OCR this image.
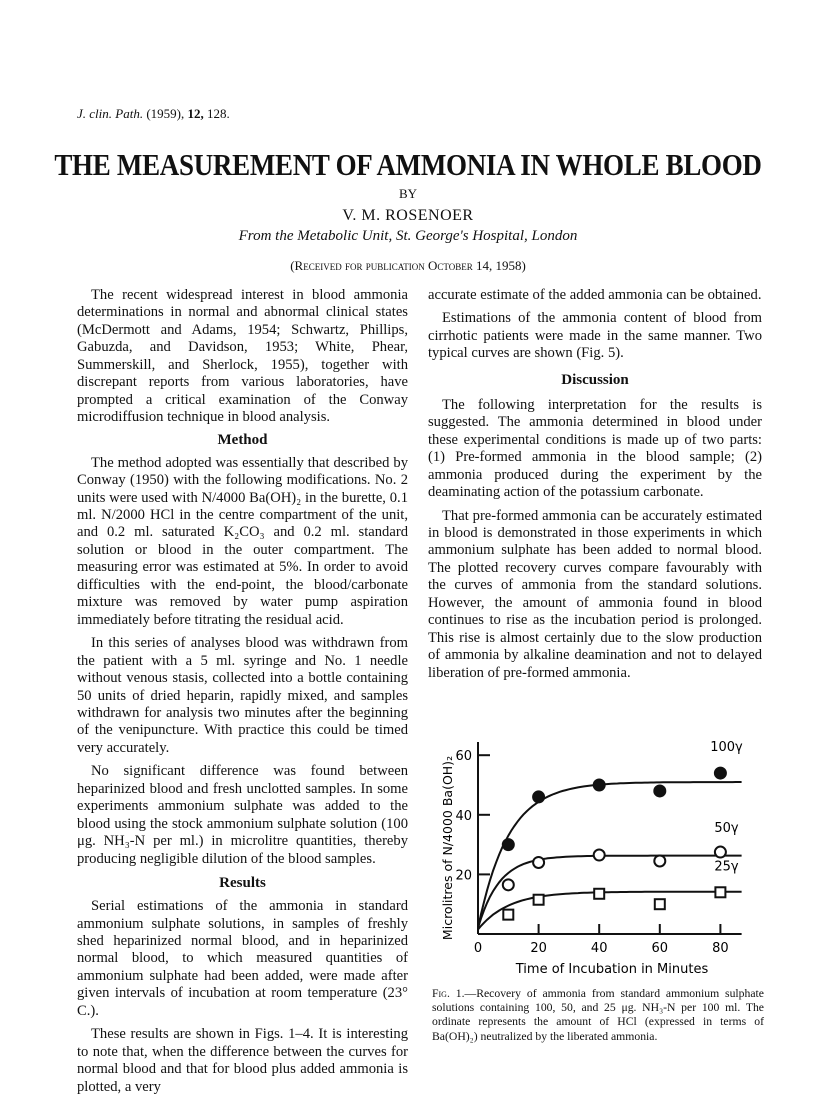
J. clin. Path. (1959), 12, 128.
THE MEASUREMENT OF AMMONIA IN WHOLE BLOOD
BY
V. M. ROSENOER
From the Metabolic Unit, St. George's Hospital, London
(Received for publication October 14, 1958)

The recent widespread interest in blood ammonia determinations in normal and abnormal clinical states (McDermott and Adams, 1954; Schwartz, Phillips, Gabuzda, and Davidson, 1953; White, Phear, Summerskill, and Sherlock, 1955), together with discrepant reports from various laboratories, have prompted a critical examination of the Conway microdiffusion technique in blood analysis.

Method

The method adopted was essentially that described by Conway (1950) with the following modifications. No. 2 units were used with N/4000 Ba(OH)₂ in the burette, 0.1 ml. N/2000 HCl in the centre compartment of the unit, and 0.2 ml. saturated K₂CO₃ and 0.2 ml. standard solution or blood in the outer compartment. The measuring error was estimated at 5%. In order to avoid difficulties with the end-point, the blood/carbonate mixture was removed by water pump aspiration immediately before titrating the residual acid.

In this series of analyses blood was withdrawn from the patient with a 5 ml. syringe and No. 1 needle without venous stasis, collected into a bottle containing 50 units of dried heparin, rapidly mixed, and samples withdrawn for analysis two minutes after the beginning of the venipuncture. With practice this could be timed very accurately.

No significant difference was found between heparinized blood and fresh unclotted samples. In some experiments ammonium sulphate was added to the blood using the stock ammonium sulphate solution (100 μg. NH₃-N per ml.) in microlitre quantities, thereby producing negligible dilution of the blood samples.

Results

Serial estimations of the ammonia in standard ammonium sulphate solutions, in samples of freshly shed heparinized normal blood, and in heparinized normal blood, to which measured quantities of ammonium sulphate had been added, were made after given intervals of incubation at room temperature (23° C.).

These results are shown in Figs. 1–4. It is interesting to note that, when the difference between the curves for normal blood and that for blood plus added ammonia is plotted, a very

accurate estimate of the added ammonia can be obtained.

Estimations of the ammonia content of blood from cirrhotic patients were made in the same manner. Two typical curves are shown (Fig. 5).

Discussion

The following interpretation for the results is suggested. The ammonia determined in blood under these experimental conditions is made up of two parts: (1) Pre-formed ammonia in the blood sample; (2) ammonia produced during the experiment by the deaminating action of the potassium carbonate.

That pre-formed ammonia can be accurately estimated in blood is demonstrated in those experiments in which ammonium sulphate has been added to normal blood. The plotted recovery curves compare favourably with the curves of ammonia from the standard solutions. However, the amount of ammonia found in blood continues to rise as the incubation period is prolonged. This rise is almost certainly due to the slow production of ammonia by alkaline deamination and not to delayed liberation of pre-formed ammonia.

20
40
60
0	20	40	60	80
100γ
50γ
25γ
Time of Incubation in Minutes
Microlitres of N/4000 Ba(OH)₂
Fig. 1.—Recovery of ammonia from standard ammonium sulphate solutions containing 100, 50, and 25 μg. NH₃-N per 100 ml. The ordinate represents the amount of HCl (expressed in terms of Ba(OH)₂) neutralized by the liberated ammonia.
